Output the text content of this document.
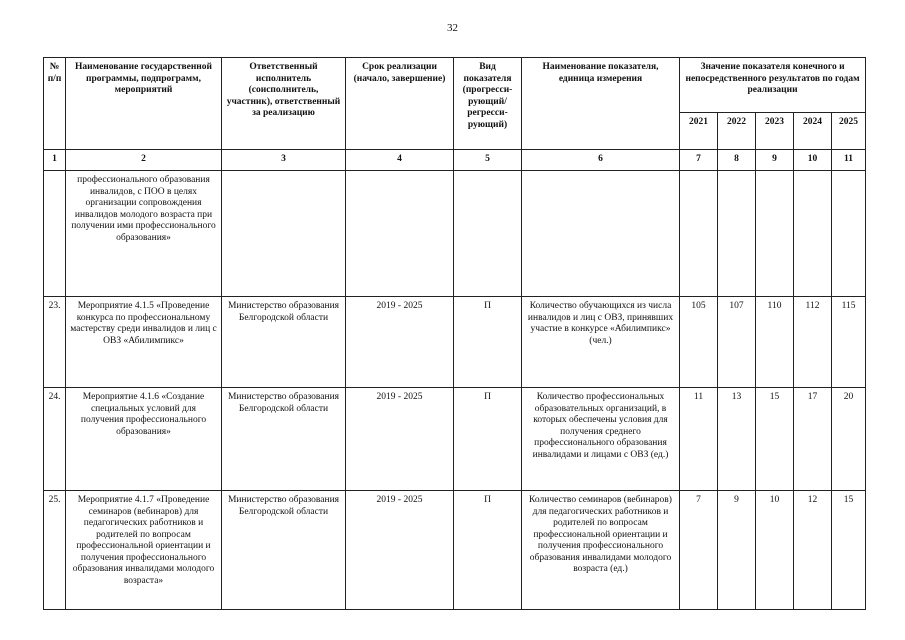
32
№ п/п	Наименование государственной программы, подпрограмм, мероприятий	Ответственный исполнитель (соисполнитель, участник), ответственный за реализацию	Срок реализации (начало, завершение)	Вид показателя (прогресси-рующий/ регресси-рующий)	Наименование показателя, единица измерения	Значение показателя конечного и непосредственного результатов по годам реализации				
						2021	2022	2023	2024	2025
1	2	3	4	5	6	7	8	9	10	11
	профессионального образования инвалидов, с ПОО в целях организации сопровождения инвалидов молодого возраста при получении ими профессионального образования»									
23.	Мероприятие 4.1.5 «Проведение конкурса по профессиональному мастерству среди инвалидов и лиц с ОВЗ «Абилимпикс»	Министерство образования Белгородской области	2019 - 2025	П	Количество обучающихся из числа инвалидов и лиц с ОВЗ, принявших участие в конкурсе «Абилимпикс» (чел.)	105	107	110	112	115
24.	Мероприятие 4.1.6 «Создание специальных условий для получения профессионального образования»	Министерство образования Белгородской области	2019 - 2025	П	Количество профессиональных образовательных организаций, в которых обеспечены условия для получения среднего профессионального образования инвалидами и лицами с ОВЗ (ед.)	11	13	15	17	20
25.	Мероприятие 4.1.7 «Проведение семинаров (вебинаров) для педагогических работников и родителей по вопросам профессиональной ориентации и получения профессионального образования инвалидами молодого возраста»	Министерство образования Белгородской области	2019 - 2025	П	Количество семинаров (вебинаров) для педагогических работников и родителей по вопросам профессиональной ориентации и получения профессионального образования инвалидами молодого возраста (ед.)	7	9	10	12	15
